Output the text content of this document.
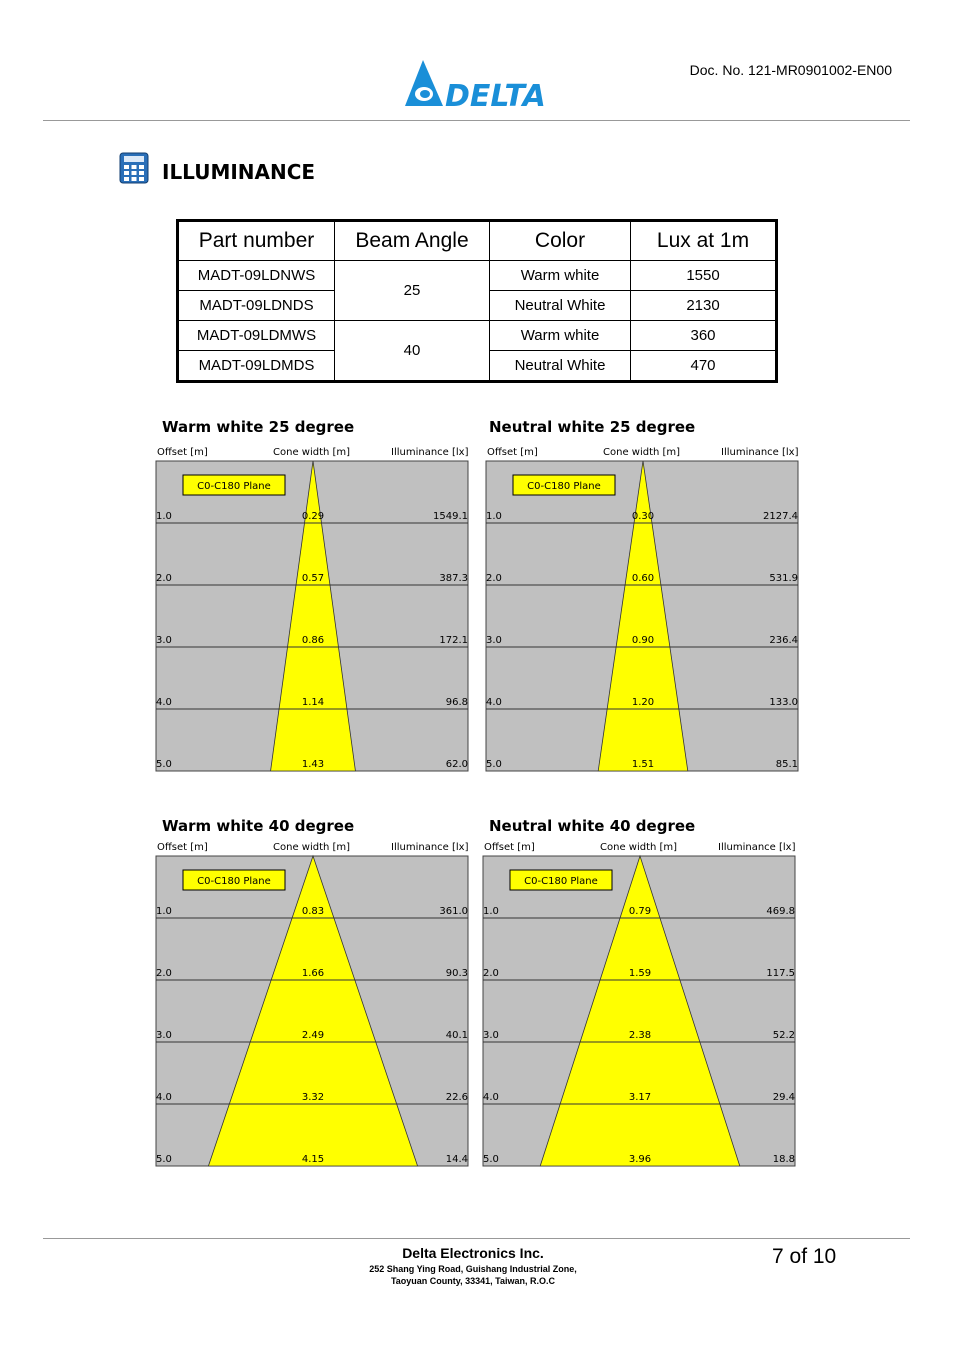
Doc. No. 121-MR0901002-EN00
DELTA
ILLUMINANCE
Part number	Beam Angle	Color	Lux at 1m
MADT-09LDNWS	25	Warm white	1550
MADT-09LDNDS		Neutral White	2130
MADT-09LDMWS	40	Warm white	360
MADT-09LDMDS		Neutral White	470
Warm white 25 degree	Neutral white 25 degree
Warm white 40 degree	Neutral white 40 degree
Offset [m]	Cone width [m]	Illuminance [lx]
1.0	0.29	1549.1
2.0	0.57	387.3
3.0	0.86	172.1
4.0	1.14	96.8
5.0	1.43	62.0
C0-C180 Plane
Offset [m]	Cone width [m]	Illuminance [lx]
1.0	0.30	2127.4
2.0	0.60	531.9
3.0	0.90	236.4
4.0	1.20	133.0
5.0	1.51	85.1
C0-C180 Plane
Offset [m]	Cone width [m]	Illuminance [lx]
1.0	0.83	361.0
2.0	1.66	90.3
3.0	2.49	40.1
4.0	3.32	22.6
5.0	4.15	14.4
C0-C180 Plane
Offset [m]	Cone width [m]	Illuminance [lx]
1.0	0.79	469.8
2.0	1.59	117.5
3.0	2.38	52.2
4.0	3.17	29.4
5.0	3.96	18.8
C0-C180 Plane
Delta Electronics Inc.
252 Shang Ying Road, Guishang Industrial Zone,
Taoyuan County, 33341, Taiwan, R.O.C
7 of 10
